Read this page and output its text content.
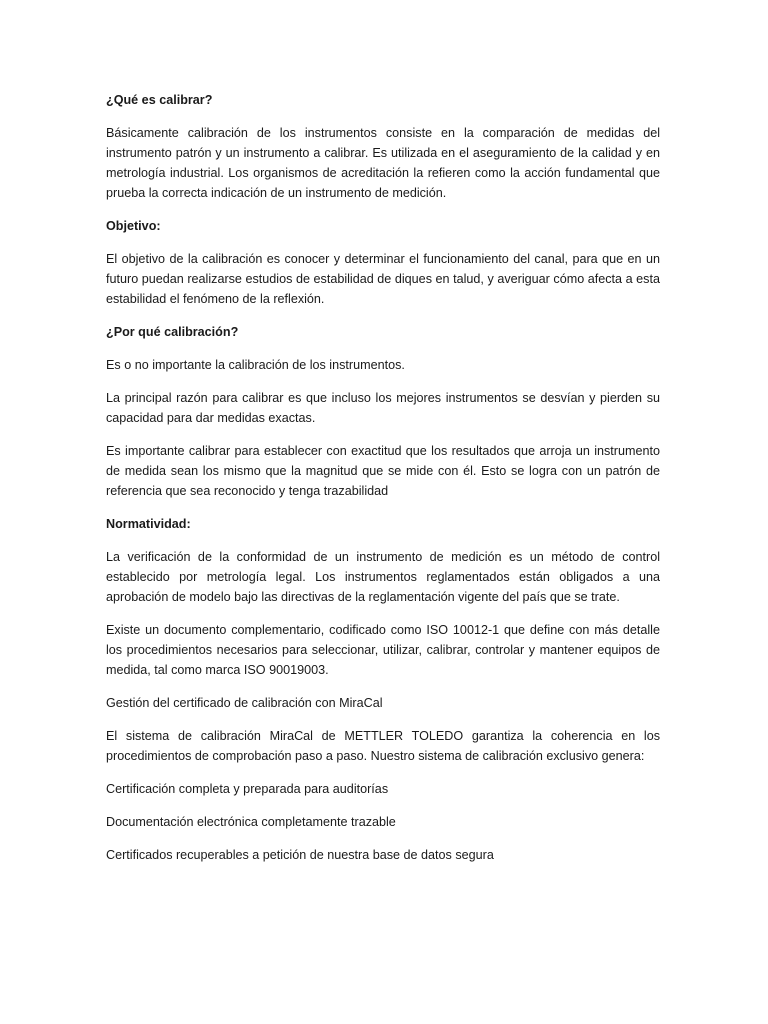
¿Qué es calibrar?

Básicamente calibración de los instrumentos consiste en la comparación de medidas del instrumento patrón y un instrumento a calibrar. Es utilizada en el aseguramiento de la calidad y en metrología industrial. Los organismos de acreditación la refieren como la acción fundamental que prueba la correcta indicación de un instrumento de medición.

Objetivo:

El objetivo de la calibración es conocer y determinar el funcionamiento del canal, para que en un futuro puedan realizarse estudios de estabilidad de diques en talud, y averiguar cómo afecta a esta estabilidad el fenómeno de la reflexión.

¿Por qué calibración?

Es o no importante la calibración de los instrumentos.

La principal razón para calibrar es que incluso los mejores instrumentos se desvían y pierden su capacidad para dar medidas exactas.

Es importante calibrar para establecer con exactitud que los resultados que arroja un instrumento de medida sean los mismo que la magnitud que se mide con él. Esto se logra con un patrón de referencia que sea reconocido y tenga trazabilidad

Normatividad:

La verificación de la conformidad de un instrumento de medición es un método de control establecido por metrología legal. Los instrumentos reglamentados están obligados a una aprobación de modelo bajo las directivas de la reglamentación vigente del país que se trate.

Existe un documento complementario, codificado como ISO 10012-1 que define con más detalle los procedimientos necesarios para seleccionar, utilizar, calibrar, controlar y mantener equipos de medida, tal como marca ISO 90019003.

Gestión del certificado de calibración con MiraCal

El sistema de calibración MiraCal de METTLER TOLEDO garantiza la coherencia en los procedimientos de comprobación paso a paso. Nuestro sistema de calibración exclusivo genera:

Certificación completa y preparada para auditorías

Documentación electrónica completamente trazable

Certificados recuperables a petición de nuestra base de datos segura
